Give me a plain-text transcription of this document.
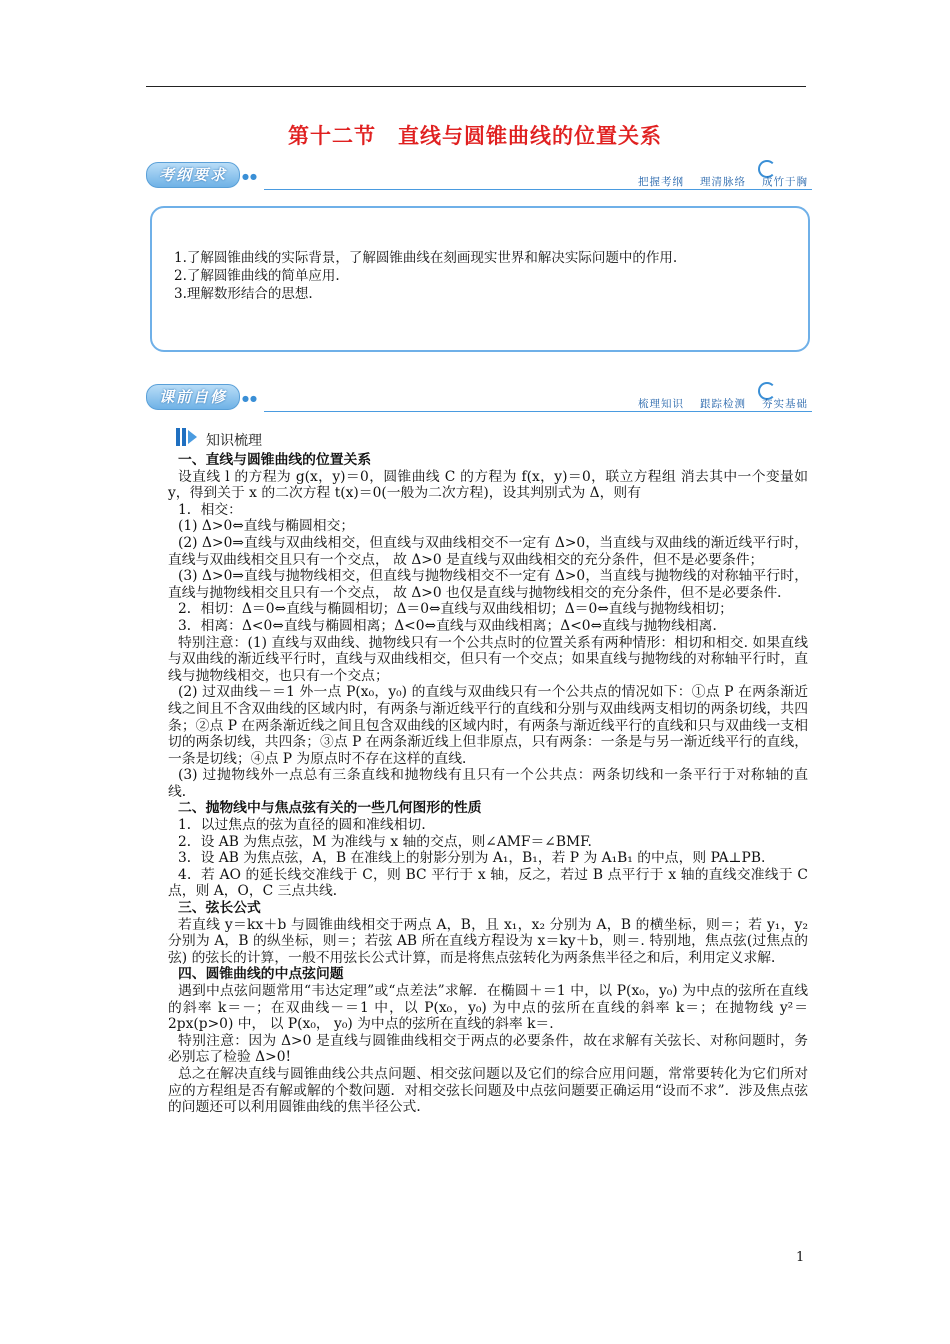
第十二节 直线与圆锥曲线的位置关系
考纲要求	●●	把握考纲 理清脉络 成竹于胸

1.了解圆锥曲线的实际背景，了解圆锥曲线在刻画现实世界和解决实际问题中的作用.

2.了解圆锥曲线的简单应用.

3.理解数形结合的思想.

课前自修	●●	梳理知识 跟踪检测 夯实基础
知识梳理

一、直线与圆锥曲线的位置关系

设直线 l 的方程为 g(x，y)＝0，圆锥曲线 C 的方程为 f(x，y)＝0，联立方程组 消去其中一个变量如 y，得到关于 x 的二次方程 t(x)＝0(一般为二次方程)，设其判别式为 Δ，则有

1．相交：

(1) Δ>0⇔直线与椭圆相交；

(2) Δ>0⇒直线与双曲线相交，但直线与双曲线相交不一定有 Δ>0，当直线与双曲线的渐近线平行时，直线与双曲线相交且只有一个交点， 故 Δ>0 是直线与双曲线相交的充分条件，但不是必要条件；

(3) Δ>0⇒直线与抛物线相交，但直线与抛物线相交不一定有 Δ>0，当直线与抛物线的对称轴平行时，直线与抛物线相交且只有一个交点， 故 Δ>0 也仅是直线与抛物线相交的充分条件，但不是必要条件．

2．相切：Δ＝0⇔直线与椭圆相切；Δ＝0⇔直线与双曲线相切；Δ＝0⇔直线与抛物线相切；

3．相离：Δ<0⇔直线与椭圆相离；Δ<0⇔直线与双曲线相离；Δ<0⇔直线与抛物线相离．

特别注意：(1) 直线与双曲线、抛物线只有一个公共点时的位置关系有两种情形：相切和相交. 如果直线与双曲线的渐近线平行时，直线与双曲线相交，但只有一个交点；如果直线与抛物线的对称轴平行时，直线与抛物线相交，也只有一个交点；

(2) 过双曲线－＝1 外一点 P(x₀，y₀) 的直线与双曲线只有一个公共点的情况如下：①点 P 在两条渐近线之间且不含双曲线的区域内时，有两条与渐近线平行的直线和分别与双曲线两支相切的两条切线，共四条；②点 P 在两条渐近线之间且包含双曲线的区域内时，有两条与渐近线平行的直线和只与双曲线一支相切的两条切线，共四条；③点 P 在两条渐近线上但非原点，只有两条：一条是与另一渐近线平行的直线，一条是切线；④点 P 为原点时不存在这样的直线．

(3) 过抛物线外一点总有三条直线和抛物线有且只有一个公共点：两条切线和一条平行于对称轴的直线．

二、抛物线中与焦点弦有关的一些几何图形的性质

1．以过焦点的弦为直径的圆和准线相切．

2．设 AB 为焦点弦，M 为准线与 x 轴的交点，则∠AMF＝∠BMF.

3．设 AB 为焦点弦，A，B 在准线上的射影分别为 A₁，B₁，若 P 为 A₁B₁ 的中点，则 PA⊥PB.

4．若 AO 的延长线交准线于 C，则 BC 平行于 x 轴，反之，若过 B 点平行于 x 轴的直线交准线于 C 点，则 A，O，C 三点共线．

三、弦长公式

若直线 y＝kx＋b 与圆锥曲线相交于两点 A，B，且 x₁，x₂ 分别为 A，B 的横坐标，则＝；若 y₁，y₂ 分别为 A，B 的纵坐标，则＝；若弦 AB 所在直线方程设为 x＝ky＋b，则＝. 特别地，焦点弦(过焦点的弦) 的弦长的计算，一般不用弦长公式计算，而是将焦点弦转化为两条焦半径之和后，利用定义求解．

四、圆锥曲线的中点弦问题

遇到中点弦问题常用“韦达定理”或“点差法”求解．在椭圆＋＝1 中，以 P(x₀，y₀) 为中点的弦所在直线的斜率 k＝－；在双曲线－＝1 中，以 P(x₀，y₀) 为中点的弦所在直线的斜率 k＝；在抛物线 y²＝2px(p>0) 中， 以 P(x₀， y₀) 为中点的弦所在直线的斜率 k＝.

特别注意：因为 Δ>0 是直线与圆锥曲线相交于两点的必要条件，故在求解有关弦长、对称问题时，务必别忘了检验 Δ>0!

总之在解决直线与圆锥曲线公共点问题、相交弦问题以及它们的综合应用问题，常常要转化为它们所对应的方程组是否有解或解的个数问题．对相交弦长问题及中点弦问题要正确运用“设而不求”．涉及焦点弦的问题还可以利用圆锥曲线的焦半径公式．

1
